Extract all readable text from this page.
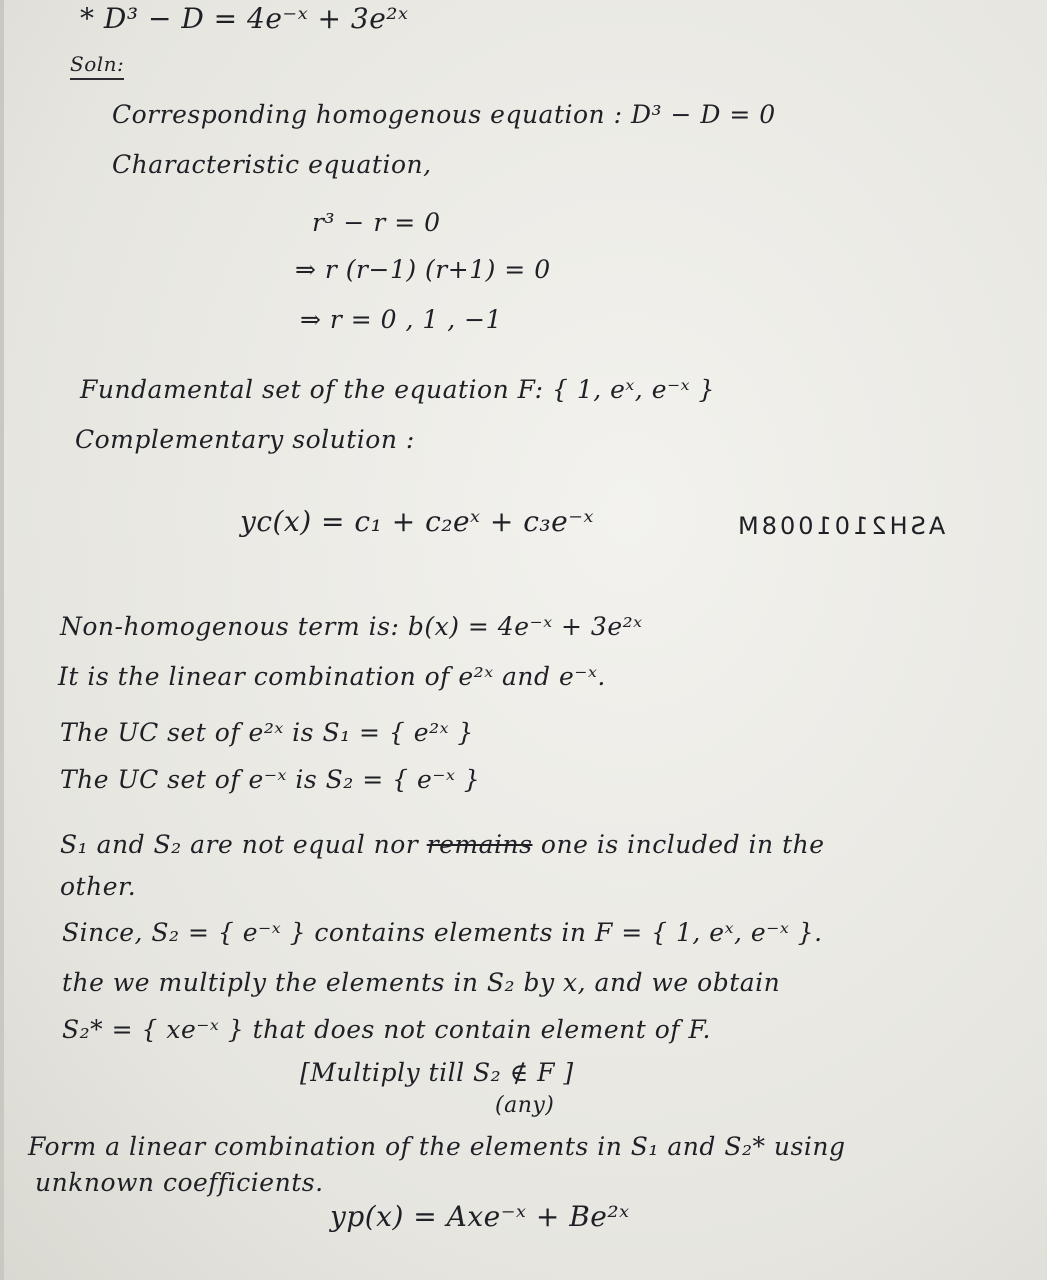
* D³ − D = 4e⁻ˣ + 3e²ˣ
Soln:
Corresponding homogenous equation : D³ − D = 0
Characteristic equation,
r³ − r = 0
⇒ r (r−1) (r+1) = 0
⇒ r = 0 , 1 , −1
Fundamental set of the equation F: { 1, eˣ, e⁻ˣ }
Complementary solution :
yc(x) = c₁ + c₂eˣ + c₃e⁻ˣ	ASH2101008M
Non-homogenous term is: b(x) = 4e⁻ˣ + 3e²ˣ
It is the linear combination of e²ˣ and e⁻ˣ.
The UC set of e²ˣ is S₁ = { e²ˣ }
The UC set of e⁻ˣ is S₂ = { e⁻ˣ }
S₁ and S₂ are not equal nor remains one is included in the
other.
Since, S₂ = { e⁻ˣ } contains elements in F = { 1, eˣ, e⁻ˣ }.
the we multiply the elements in S₂ by x, and we obtain
S₂* = { xe⁻ˣ } that does not contain element of F.
[Multiply till S₂ ∉ F ]
(any)
Form a linear combination of the elements in S₁ and S₂* using
unknown coefficients.
yp(x) = Axe⁻ˣ + Be²ˣ
